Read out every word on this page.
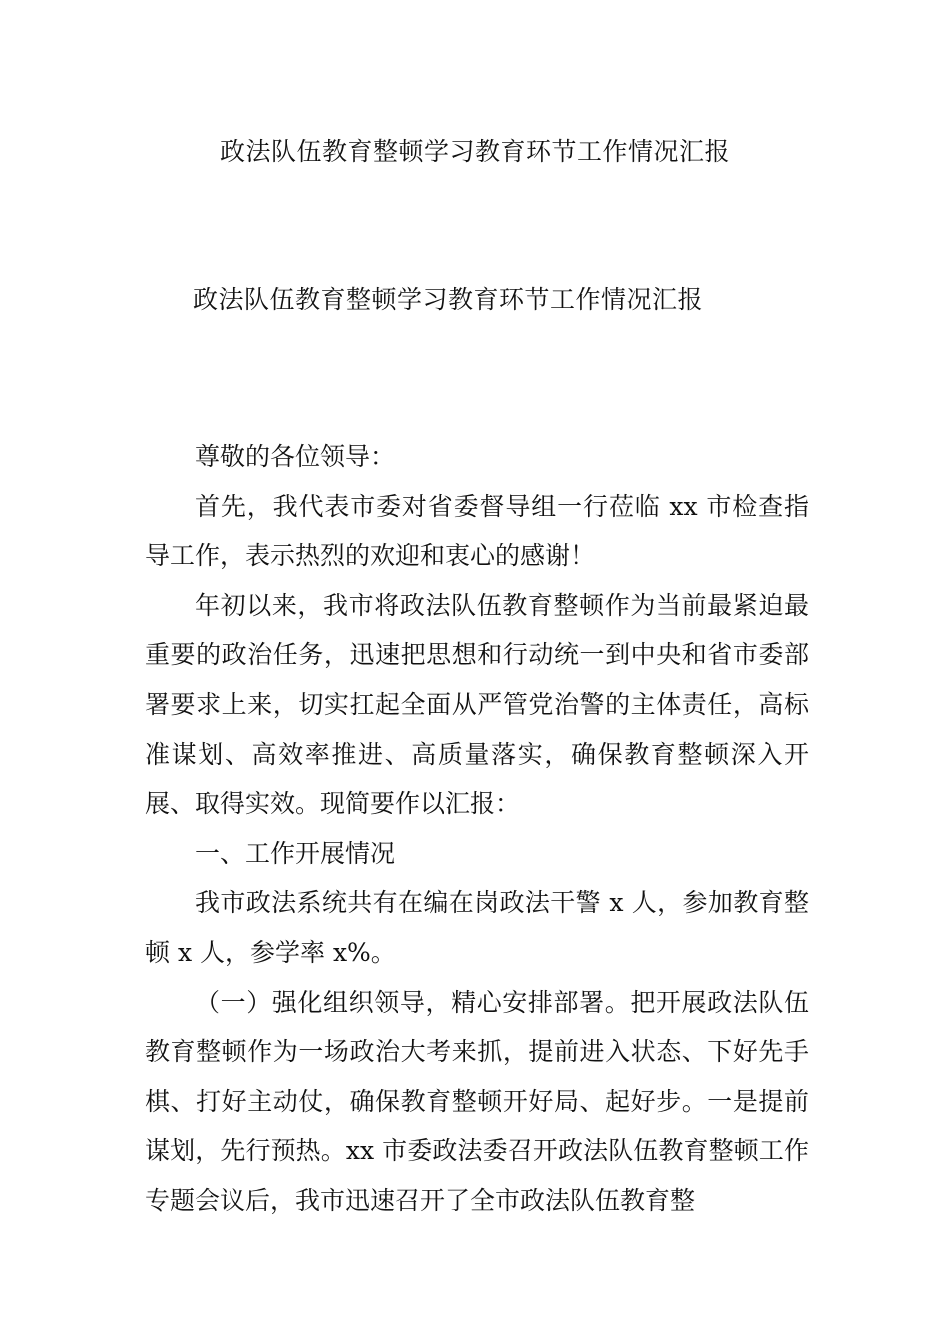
政法队伍教育整顿学习教育环节工作情况汇报
政法队伍教育整顿学习教育环节工作情况汇报

尊敬的各位领导：

首先，我代表市委对省委督导组一行莅临 xx 市检查指导工作，表示热烈的欢迎和衷心的感谢！

年初以来，我市将政法队伍教育整顿作为当前最紧迫最重要的政治任务，迅速把思想和行动统一到中央和省市委部署要求上来，切实扛起全面从严管党治警的主体责任，高标准谋划、高效率推进、高质量落实，确保教育整顿深入开展、取得实效。现简要作以汇报：

一、工作开展情况

我市政法系统共有在编在岗政法干警 x 人，参加教育整顿 x 人，参学率 x%。

（一）强化组织领导，精心安排部署。把开展政法队伍教育整顿作为一场政治大考来抓，提前进入状态、下好先手棋、打好主动仗，确保教育整顿开好局、起好步。一是提前谋划，先行预热。xx 市委政法委召开政法队伍教育整顿工作专题会议后，我市迅速召开了全市政法队伍教育整
